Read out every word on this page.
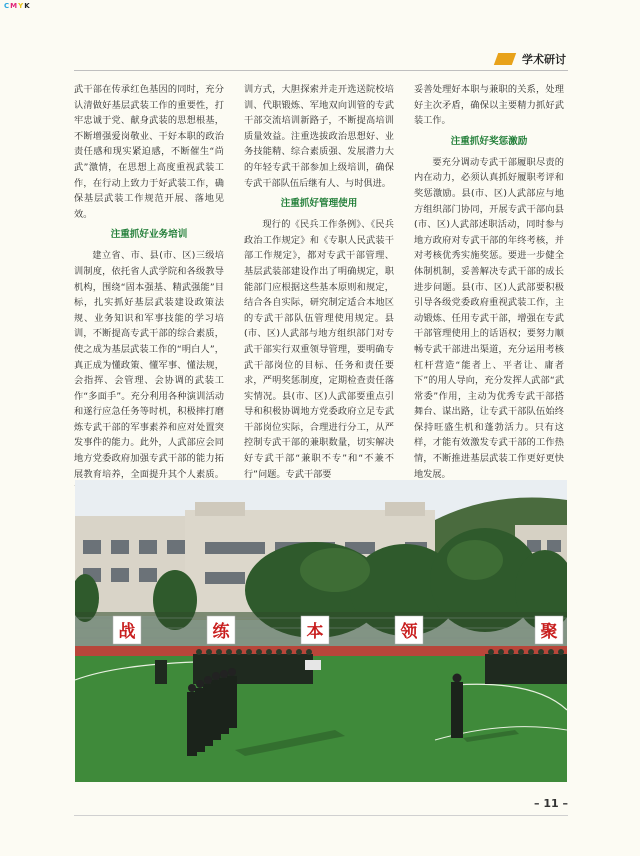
CMYK
学术研讨

武干部在传承红色基因的同时，充分认清做好基层武装工作的重要性，打牢忠诚于党、献身武装的思想根基，不断增强爱岗敬业、干好本职的政治责任感和现实紧迫感，不断催生“尚武”激情，在思想上高度重视武装工作，在行动上致力于好武装工作，确保基层武装工作规范开展、落地见效。

注重抓好业务培训

建立省、市、县(市、区)三级培训制度，依托省人武学院和各级教导机构，围绕“固本强基、精武强能”目标，扎实抓好基层武装建设政策法规、业务知识和军事技能的学习培训，不断提高专武干部的综合素质，使之成为基层武装工作的“明白人”，真正成为懂政策、懂军事、懂法规，会指挥、会管理、会协调的武装工作“多面手”。充分利用各种演训活动和遂行应急任务等时机，积极摔打磨炼专武干部的军事素养和应对处置突发事件的能力。此外，人武部应会同地方党委政府加强专武干部的能力拓展教育培养，全面提升其个人素质。

训方式，大胆探索并走开选送院校培训、代职锻炼、军地双向训管的专武干部交流培训新路子，不断提高培训质量效益。注重选拔政治思想好、业务技能精、综合素质强、发展潜力大的年轻专武干部参加上级培训，确保专武干部队伍后继有人、与时俱进。

注重抓好管理使用

现行的《民兵工作条例》、《民兵政治工作规定》和《专职人民武装干部工作规定》，都对专武干部管理、基层武装部建设作出了明确规定，职能部门应根据这些基本原则和规定，结合各自实际，研究制定适合本地区的专武干部队伍管理使用规定。县(市、区)人武部与地方组织部门对专武干部实行双重领导管理，要明确专武干部岗位的目标、任务和责任要求，严明奖惩制度，定期检查责任落实情况。县(市、区)人武部要重点引导和积极协调地方党委政府立足专武干部岗位实际，合理进行分工，从严控制专武干部的兼职数量，切实解决好专武干部“兼职不专”和“不兼不行”问题。专武干部要

妥善处理好本职与兼职的关系，处理好主次矛盾，确保以主要精力抓好武装工作。

注重抓好奖惩激励

要充分调动专武干部履职尽责的内在动力，必须认真抓好履职考评和奖惩激励。县(市、区)人武部应与地方组织部门协同，开展专武干部向县(市、区)人武部述职活动，同时参与地方政府对专武干部的年终考核，并对考核优秀实施奖惩。要进一步健全体制机制，妥善解决专武干部的成长进步问题。县(市、区)人武部要积极引导各级党委政府重视武装工作，主动锻炼、任用专武干部，增强在专武干部管理使用上的话语权；要努力顺畅专武干部进出渠道，充分运用考核杠杆营造“能者上、平者让、庸者下”的用人导向，充分发挥人武部“武常委”作用，主动为优秀专武干部搭舞台、谋出路，让专武干部队伍始终保持旺盛生机和蓬勃活力。只有这样，才能有效激发专武干部的工作热情，不断推进基层武装工作更好更快地发展。

战	练	本	领	聚
– 11 –
